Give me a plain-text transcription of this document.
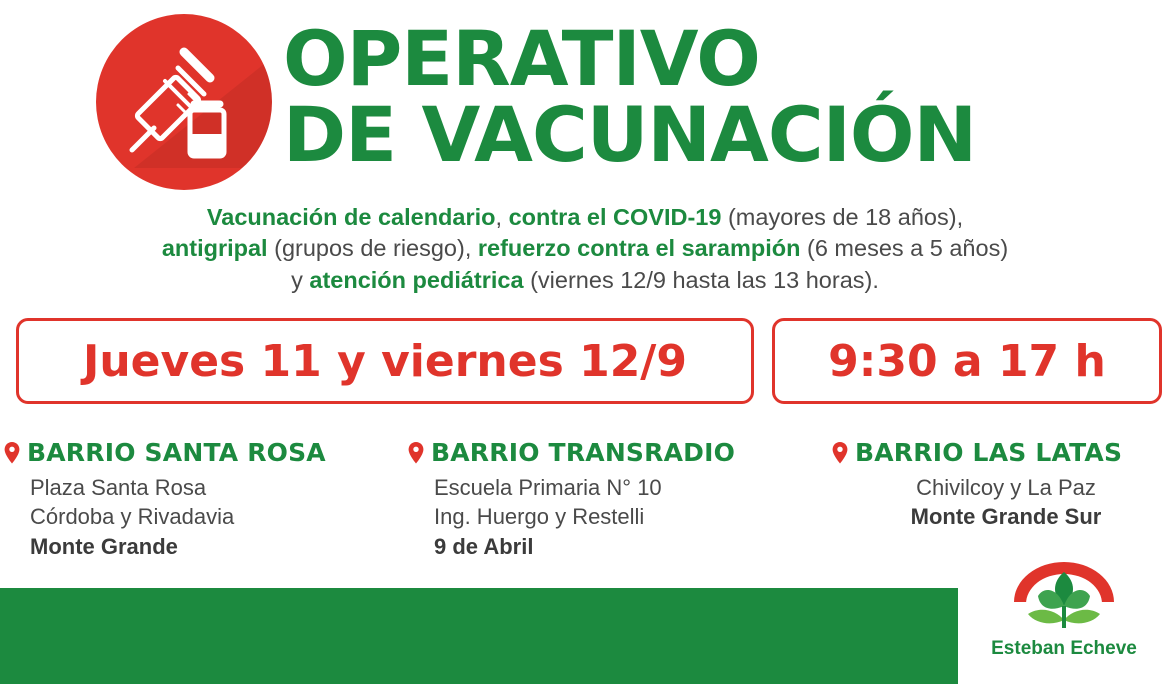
OPERATIVO
DE VACUNACIÓN
Vacunación de calendario, contra el COVID-19 (mayores de 18 años),
antigripal (grupos de riesgo), refuerzo contra el sarampión (6 meses a 5 años)
y atención pediátrica (viernes 12/9 hasta las 13 horas).
Jueves 11 y viernes 12/9	9:30 a 17 h
BARRIO SANTA ROSA
Plaza Santa Rosa
Córdoba y Rivadavia
Monte Grande
BARRIO TRANSRADIO
Escuela Primaria N° 10
Ing. Huergo y Restelli
9 de Abril
BARRIO LAS LATAS
Chivilcoy y La Paz
Monte Grande Sur
Esteban Echeve
